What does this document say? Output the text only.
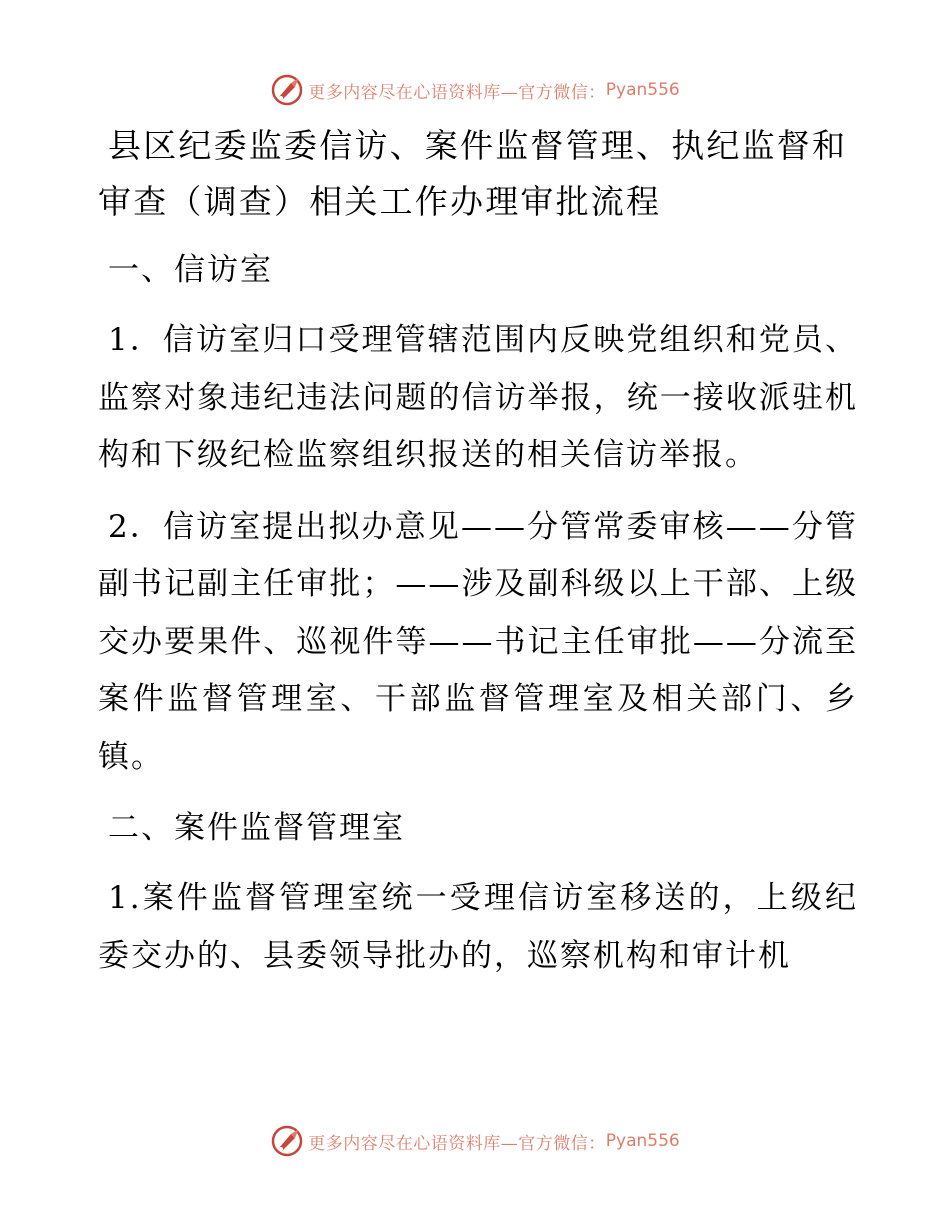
更多内容尽在心语资料库—官方微信： Pyan556
县区纪委监委信访、案件监督管理、执纪监督和审查（调查）相关工作办理审批流程
一、信访室

1．信访室归口受理管辖范围内反映党组织和党员、监察对象违纪违法问题的信访举报，统一接收派驻机构和下级纪检监察组织报送的相关信访举报。

2．信访室提出拟办意见——分管常委审核——分管副书记副主任审批；——涉及副科级以上干部、上级交办要果件、巡视件等——书记主任审批——分流至案件监督管理室、干部监督管理室及相关部门、乡镇。

二、案件监督管理室

1.案件监督管理室统一受理信访室移送的，上级纪委交办的、县委领导批办的，巡察机构和审计机

更多内容尽在心语资料库—官方微信： Pyan556
